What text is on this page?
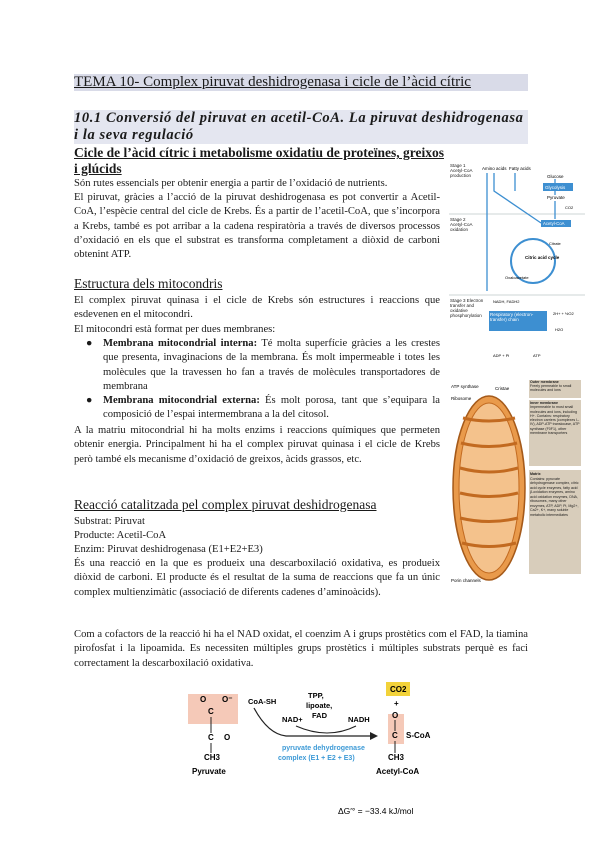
TEMA 10- Complex piruvat deshidrogenasa i cicle de l’àcid cítric
10.1 Conversió del piruvat en acetil-CoA. La piruvat deshidrogenasa i la seva regulació
Cicle de l’àcid cítric i metabolisme oxidatiu de proteïnes, greixos i glúcids

Són rutes essencials per obtenir energia a partir de l’oxidació de nutrients.

El piruvat, gràcies a l’acció de la piruvat deshidrogenasa es pot convertir a Acetil-CoA, l’espècie central del cicle de Krebs. És a partir de l’acetil-CoA, que s’incorpora a Krebs, també es pot arribar a la cadena respiratòria a través de diversos processos d’oxidació en els que el substrat es transforma completament a diòxid de carboni obtenint ATP.

Estructura dels mitocondris

El complex piruvat quinasa i el cicle de Krebs són estructures i reaccions que esdevenen en el mitocondri.

El mitocondri està format per dues membranes:

● Membrana mitocondrial interna: Té molta superfície gràcies a les crestes que presenta, invaginacions de la membrana. És molt impermeable i totes les molècules que la travessen ho fan a través de molècules transportadores de membrana
● Membrana mitocondrial externa: És molt porosa, tant que s’equipara la composició de l’espai intermembrana a la del citosol.

A la matriu mitocondrial hi ha molts enzims i reaccions químiques que permeten obtenir energia. Principalment hi ha el complex piruvat quinasa i el cicle de Krebs però també els mecanisme d’oxidació de greixos, àcids grassos, etc.

Reacció catalitzada pel complex piruvat deshidrogenasa

Substrat: Piruvat

Producte: Acetil-CoA

Enzim: Piruvat deshidrogenasa (E1+E2+E3)

És una reacció en la que es produeix una descarboxilació oxidativa, es produeix diòxid de carboni. El producte és el resultat de la suma de reaccions que fa un únic complex multienzimàtic (associació de diferents cadenes d’aminoàcids).

Com a cofactors de la reacció hi ha el NAD oxidat, el coenzim A i grups prostètics com el FAD, la tiamina pirofosfat i la lipoamida. Es necessiten múltiples grups prostètics i múltiples substrats perquè es faci correctament la descarboxilació oxidativa.

Stage 1 Acetyl-CoA production
Stage 2 Acetyl-CoA oxidation
Stage 3 Electron transfer and oxidative phosphorylation
Amino acids Fatty acids
Glucose
Glycolysis
Pyruvate
CO2
Acetyl-CoA
Citric acid cycle
Oxaloacetate
Citrate
NADH, FADH2
Respiratory (electron-transfer) chain
2H+ + ½O2
H2O
ADP + Pi	ATP
ATP synthase
Ribosome
Cristae
Porin channels
Outer membrane
Freely permeable to small molecules and ions
Inner membrane
Impermeable to most small molecules and ions, including H+. Contains: respiratory electron carriers (complexes I–IV), ADP-ATP translocase, ATP synthase (F0F1), other membrane transporters
Matrix
Contains: pyruvate dehydrogenase complex, citric acid cycle enzymes, fatty acid β-oxidation enzymes, amino acid oxidation enzymes, DNA, ribosomes, many other enzymes, ATP, ADP, Pi, Mg2+, Ca2+, K+, many soluble metabolic intermediates
O O⁻
C
C O
CH3
Pyruvate
CoA-SH
NAD+
TPP,
lipoate,
FAD	NADH
pyruvate dehydrogenase
complex (E1 + E2 + E3)
CO2
+
O
C S-CoA
CH3
Acetyl-CoA
ΔG′° = −33.4 kJ/mol
